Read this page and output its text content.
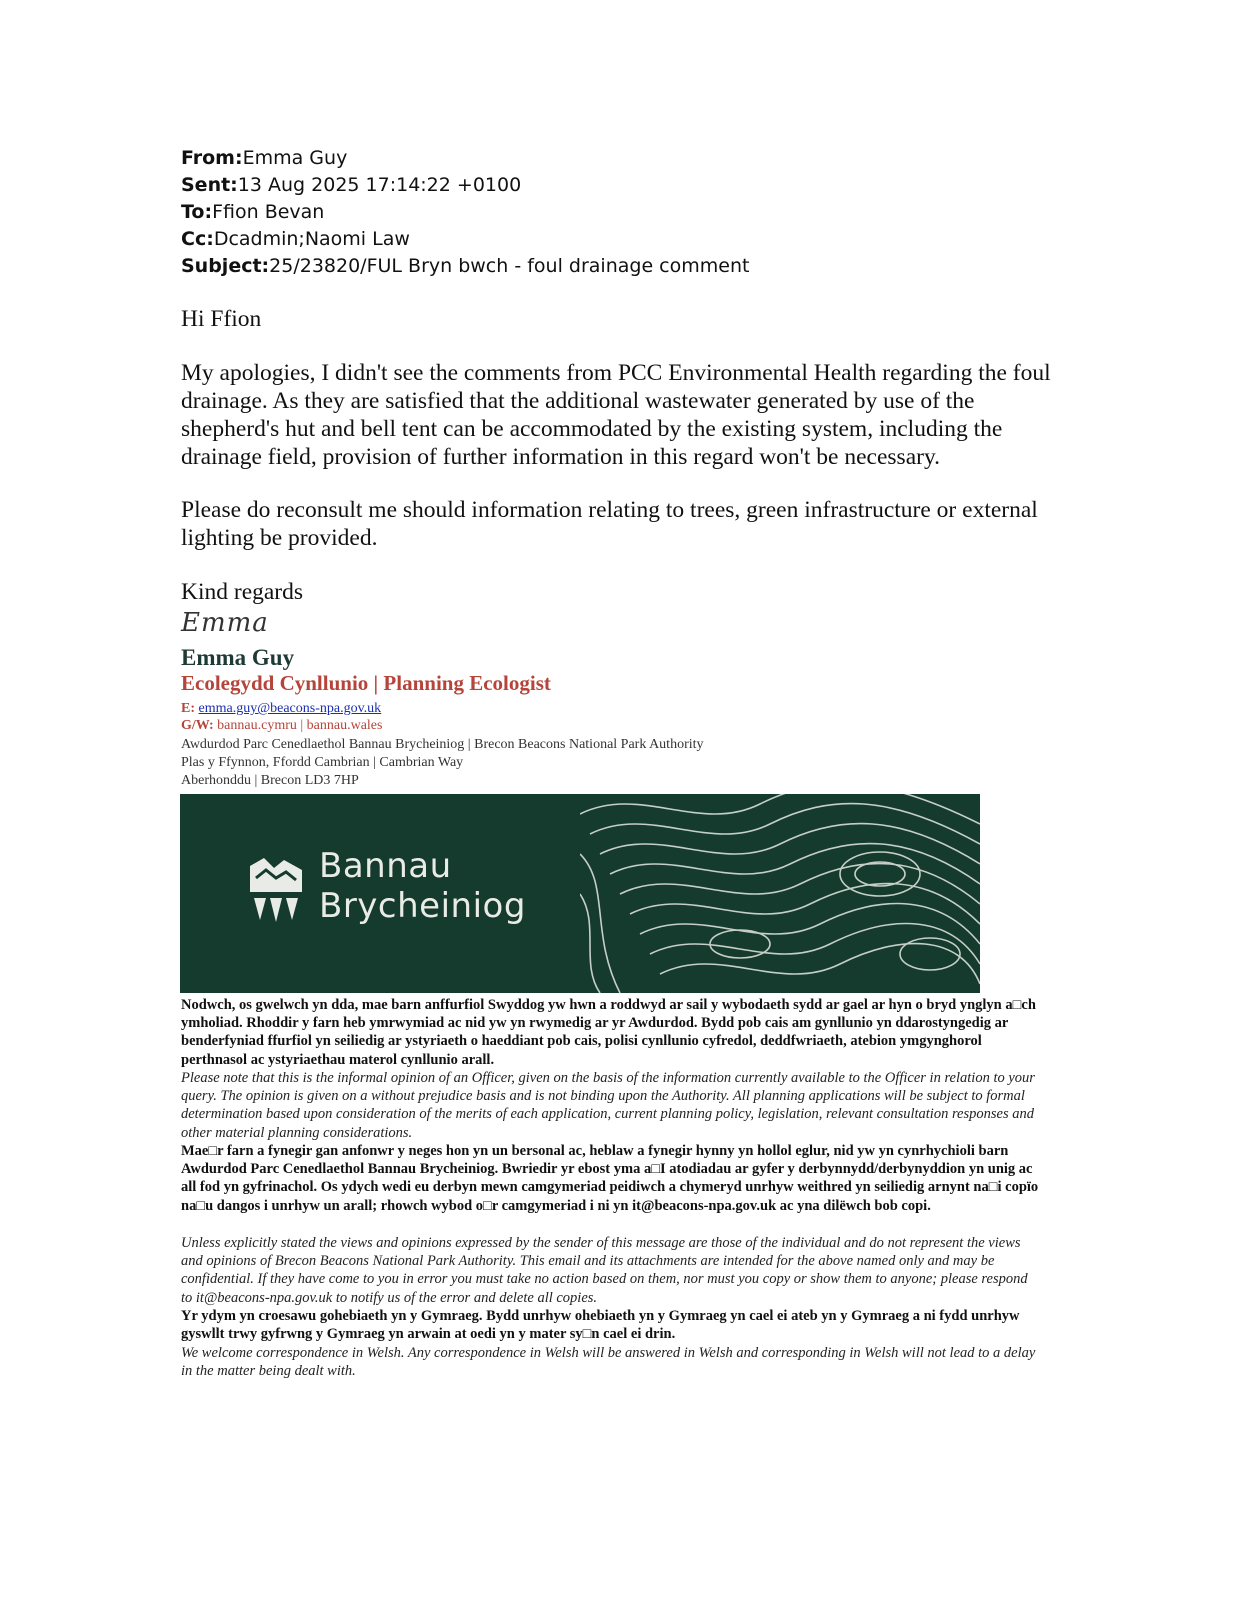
From:Emma Guy
Sent:13 Aug 2025 17:14:22 +0100
To:Ffion Bevan
Cc:Dcadmin;Naomi Law
Subject:25/23820/FUL Bryn bwch - foul drainage comment

Hi Ffion

My apologies, I didn't see the comments from PCC Environmental Health regarding the foul drainage. As they are satisfied that the additional wastewater generated by use of the shepherd's hut and bell tent can be accommodated by the existing system, including the drainage field, provision of further information in this regard won't be necessary.

Please do reconsult me should information relating to trees, green infrastructure or external lighting be provided.

Kind regards

Emma
Emma Guy
Ecolegydd Cynllunio | Planning Ecologist
E: emma.guy@beacons-npa.gov.uk
G/W: bannau.cymru | bannau.wales
Awdurdod Parc Cenedlaethol Bannau Brycheiniog | Brecon Beacons National Park Authority
Plas y Ffynnon, Ffordd Cambrian | Cambrian Way
Aberhonddu | Brecon LD3 7HP
Bannau
Brycheiniog

Nodwch, os gwelwch yn dda, mae barn anffurfiol Swyddog yw hwn a roddwyd ar sail y wybodaeth sydd ar gael ar hyn o bryd ynglyn a□ch ymholiad. Rhoddir y farn heb ymrwymiad ac nid yw yn rwymedig ar yr Awdurdod. Bydd pob cais am gynllunio yn ddarostyngedig ar benderfyniad ffurfiol yn seiliedig ar ystyriaeth o haeddiant pob cais, polisi cynllunio cyfredol, deddfwriaeth, atebion ymgynghorol perthnasol ac ystyriaethau materol cynllunio arall.

Please note that this is the informal opinion of an Officer, given on the basis of the information currently available to the Officer in relation to your query. The opinion is given on a without prejudice basis and is not binding upon the Authority. All planning applications will be subject to formal determination based upon consideration of the merits of each application, current planning policy, legislation, relevant consultation responses and other material planning considerations.

Mae□r farn a fynegir gan anfonwr y neges hon yn un bersonal ac, heblaw a fynegir hynny yn hollol eglur, nid yw yn cynrhychioli barn Awdurdod Parc Cenedlaethol Bannau Brycheiniog. Bwriedir yr ebost yma a□I atodiadau ar gyfer y derbynnydd/derbynyddion yn unig ac all fod yn gyfrinachol. Os ydych wedi eu derbyn mewn camgymeriad peidiwch a chymeryd unrhyw weithred yn seiliedig arnynt na□i copïo na□u dangos i unrhyw un arall; rhowch wybod o□r camgymeriad i ni yn it@beacons-npa.gov.uk ac yna dilëwch bob copi.

Unless explicitly stated the views and opinions expressed by the sender of this message are those of the individual and do not represent the views and opinions of Brecon Beacons National Park Authority. This email and its attachments are intended for the above named only and may be confidential. If they have come to you in error you must take no action based on them, nor must you copy or show them to anyone; please respond to it@beacons-npa.gov.uk to notify us of the error and delete all copies.

Yr ydym yn croesawu gohebiaeth yn y Gymraeg. Bydd unrhyw ohebiaeth yn y Gymraeg yn cael ei ateb yn y Gymraeg a ni fydd unrhyw gyswllt trwy gyfrwng y Gymraeg yn arwain at oedi yn y mater sy□n cael ei drin.

We welcome correspondence in Welsh. Any correspondence in Welsh will be answered in Welsh and corresponding in Welsh will not lead to a delay in the matter being dealt with.
